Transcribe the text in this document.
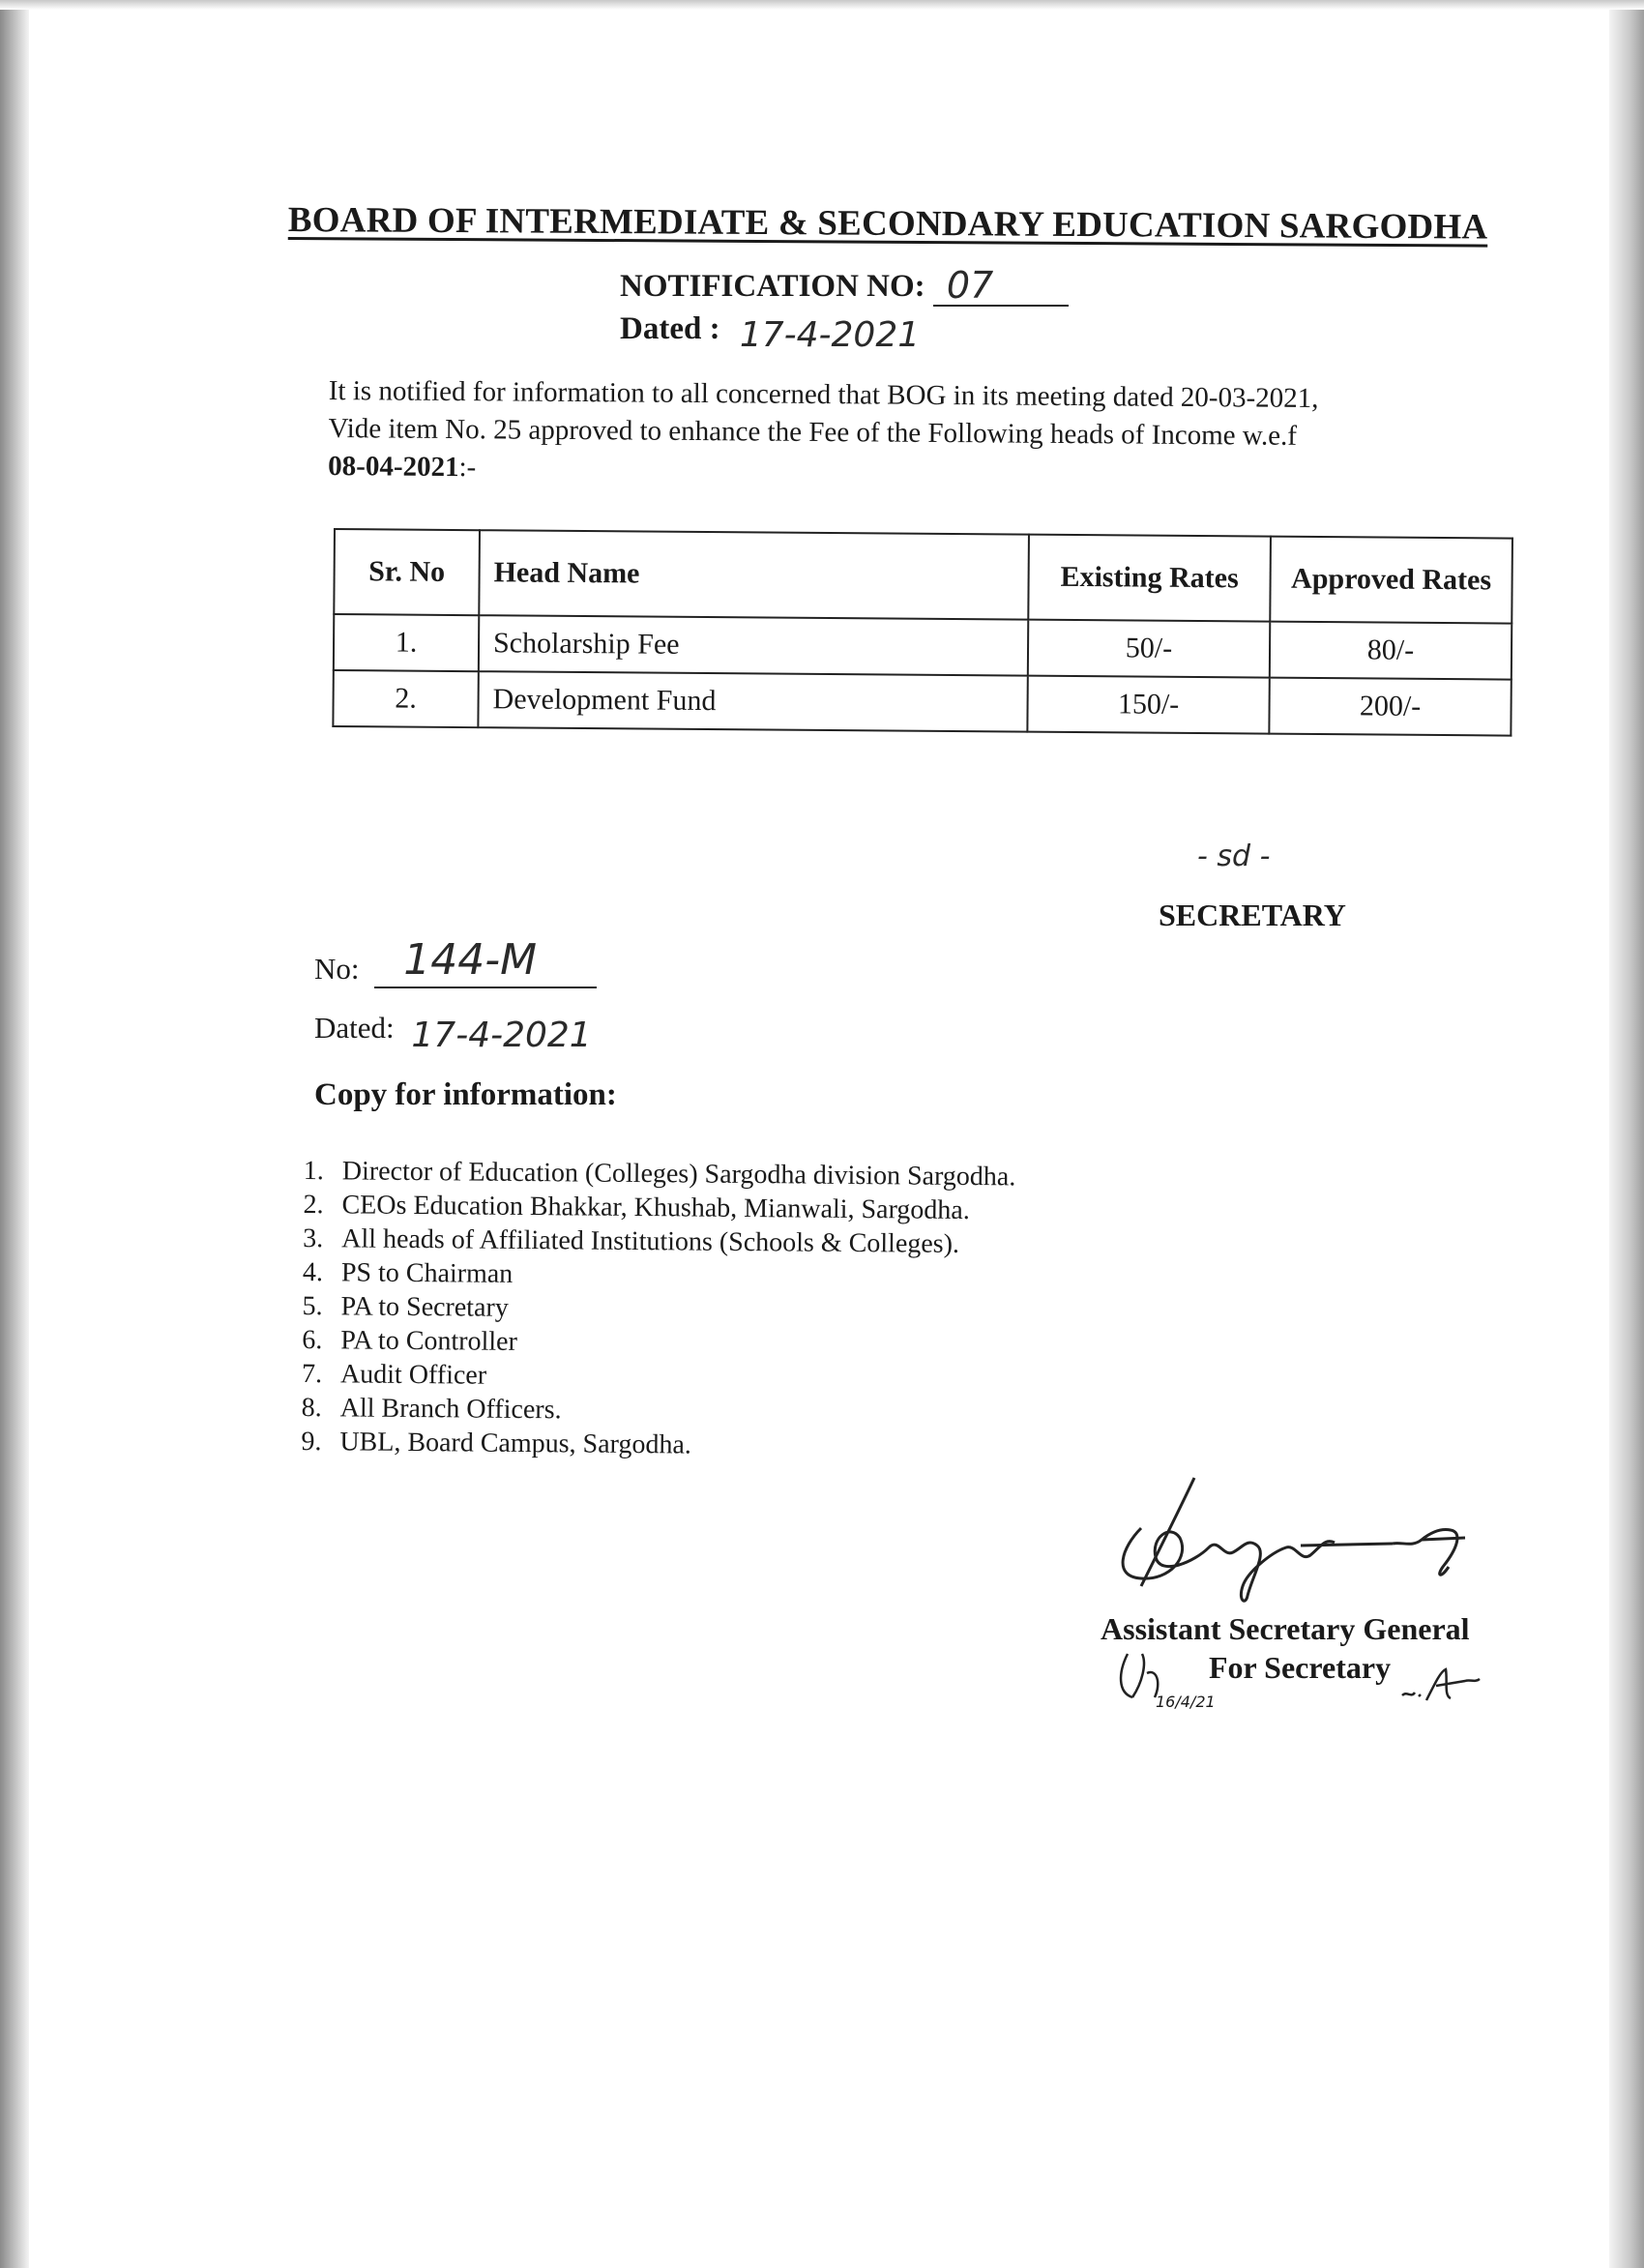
BOARD OF INTERMEDIATE & SECONDARY EDUCATION SARGODHA
NOTIFICATION NO: 07

Dated : 17-4-2021

It is notified for information to all concerned that BOG in its meeting dated 20-03-2021,
Vide item No. 25 approved to enhance the Fee of the Following heads of Income w.e.f
08-04-2021:-
Sr. No	Head Name	Existing Rates	Approved Rates
1.	Scholarship Fee	50/-	80/-
2.	Development Fund	150/-	200/-
- sd -
SECRETARY
No: 144-M

Dated: 17-4-2021

Copy for information:
1. Director of Education (Colleges) Sargodha division Sargodha.
2. CEOs Education Bhakkar, Khushab, Mianwali, Sargodha.
3. All heads of Affiliated Institutions (Schools & Colleges).
4. PS to Chairman
5. PA to Secretary
6. PA to Controller
7. Audit Officer
8. All Branch Officers.
9. UBL, Board Campus, Sargodha.
Assistant Secretary General
For Secretary
16/4/21
